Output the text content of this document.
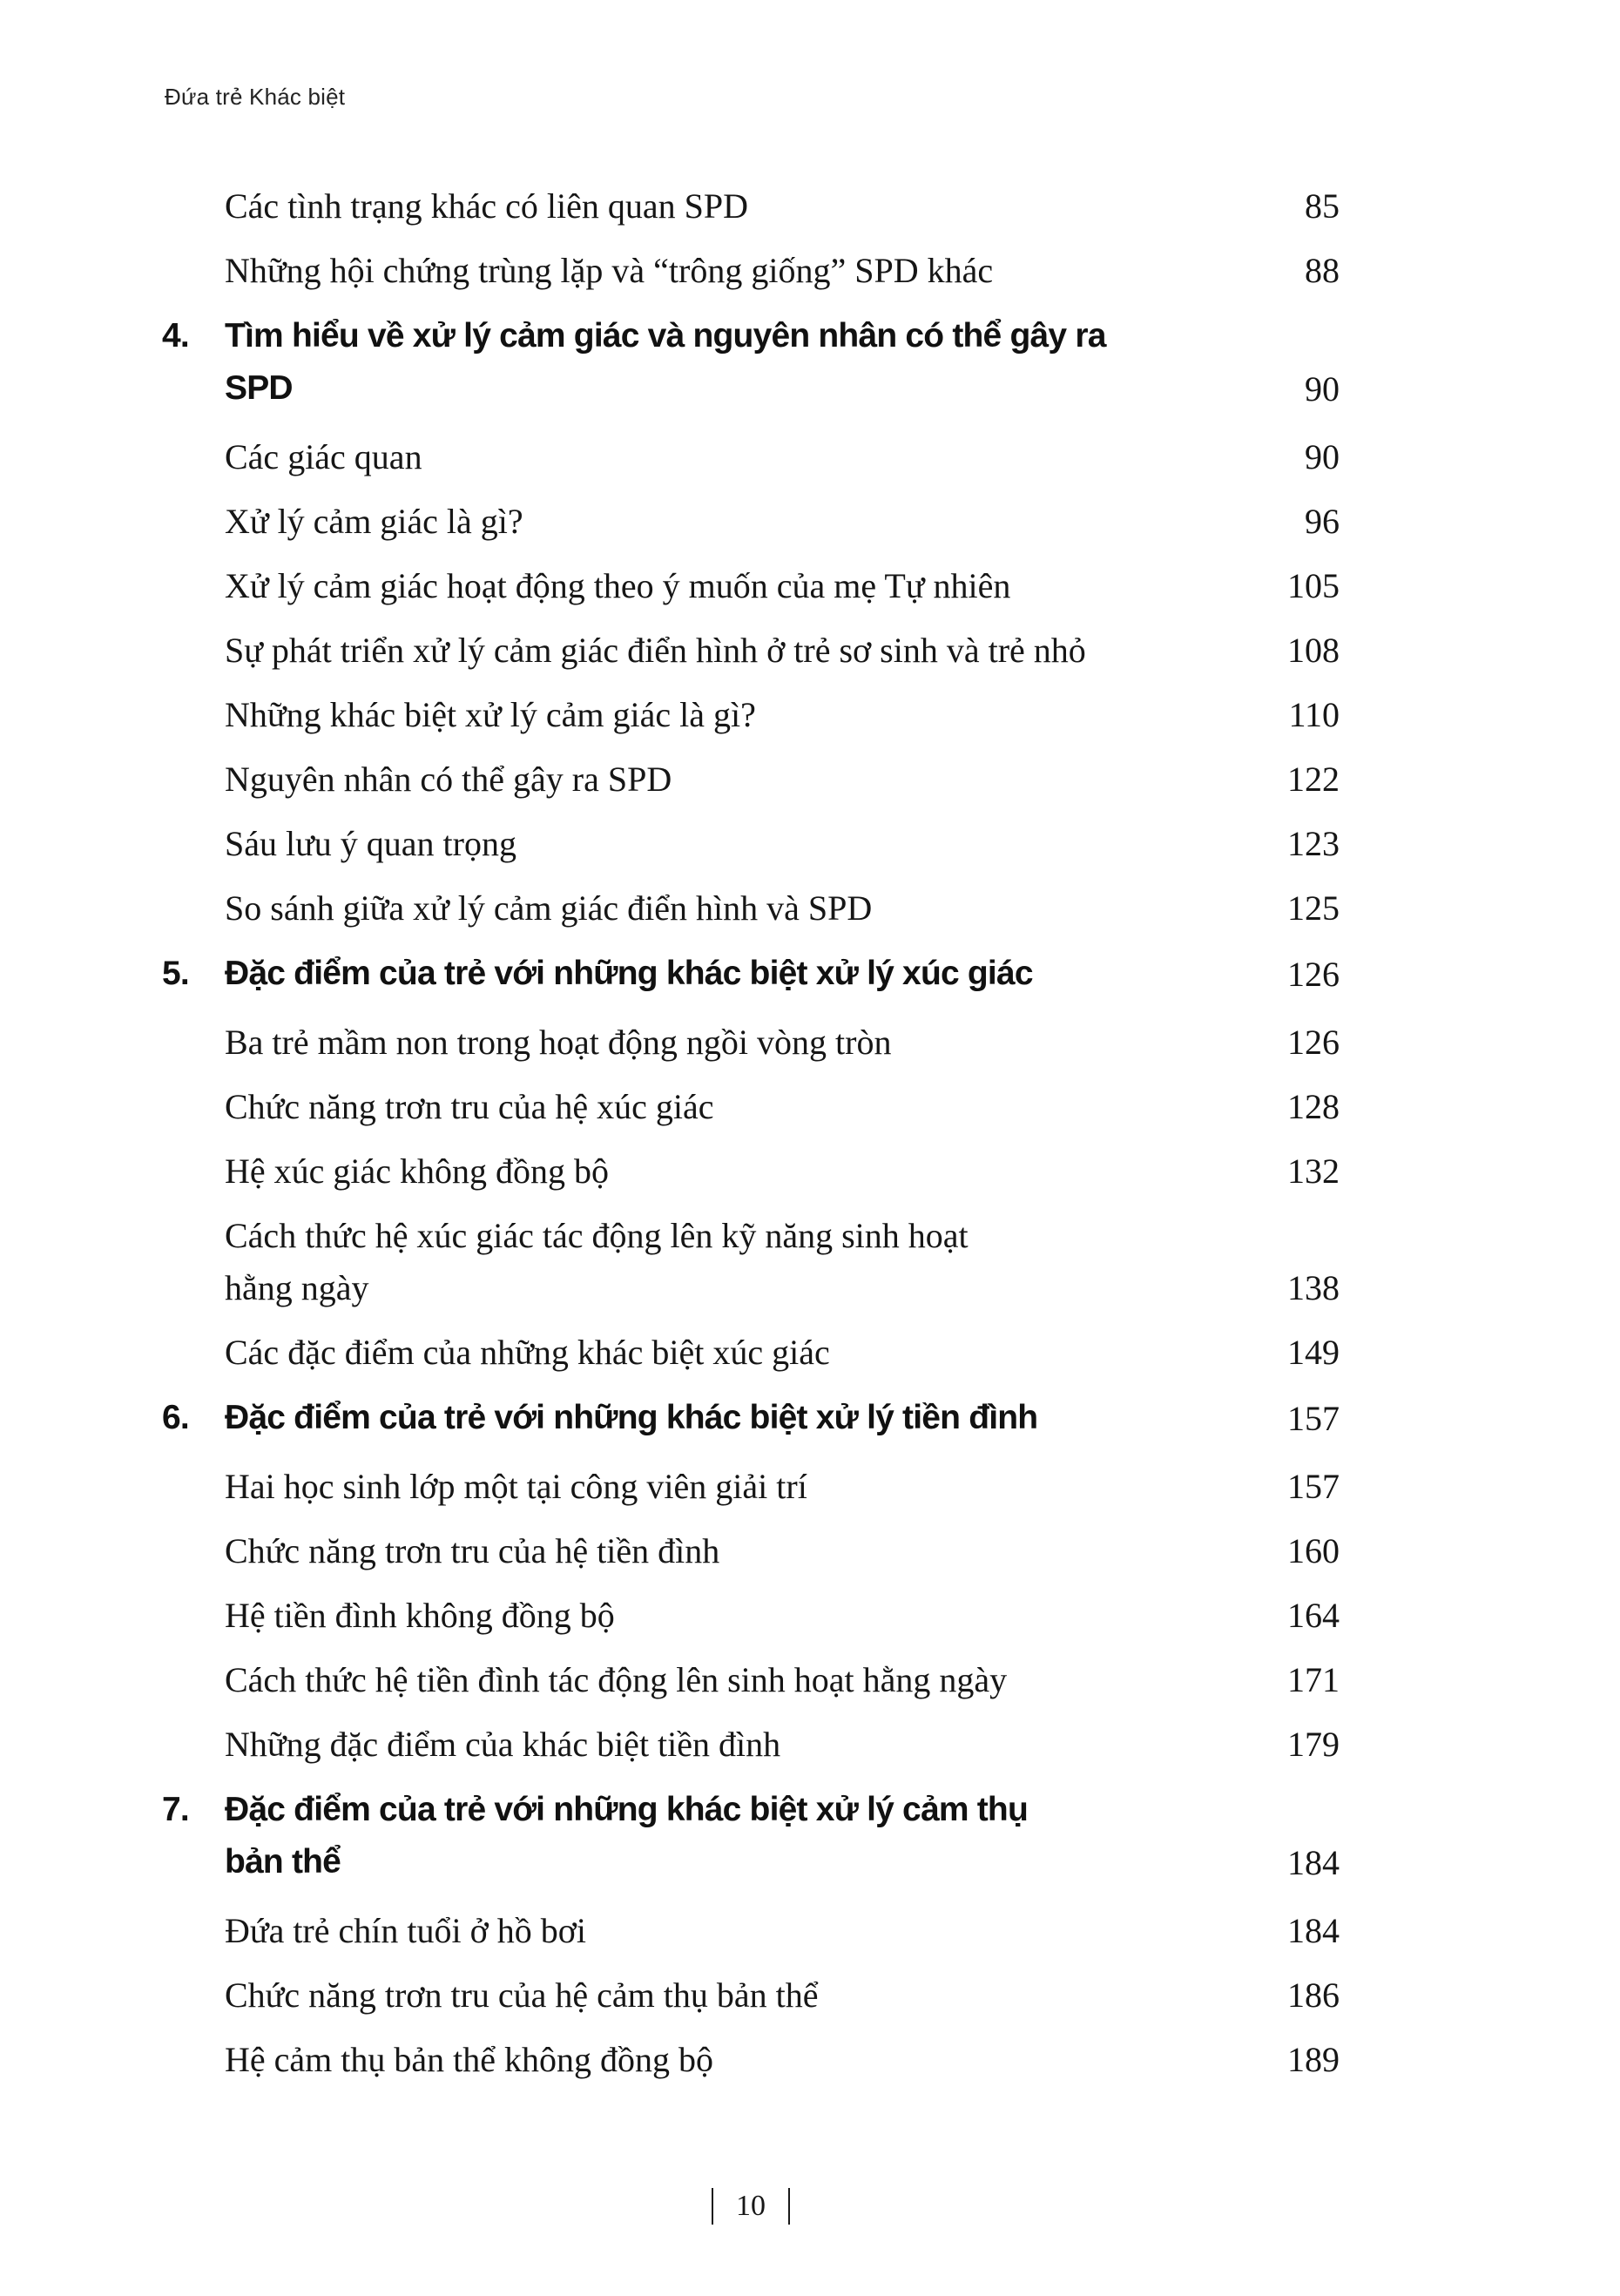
Đứa trẻ Khác biệt
Các tình trạng khác có liên quan SPD	85
Những hội chứng trùng lặp và “trông giống” SPD khác	88
4. Tìm hiểu về xử lý cảm giác và nguyên nhân có thể gây ra
SPD	90
Các giác quan	90
Xử lý cảm giác là gì?	96
Xử lý cảm giác hoạt động theo ý muốn của mẹ Tự nhiên	105
Sự phát triển xử lý cảm giác điển hình ở trẻ sơ sinh và trẻ nhỏ	108
Những khác biệt xử lý cảm giác là gì?	110
Nguyên nhân có thể gây ra SPD	122
Sáu lưu ý quan trọng	123
So sánh giữa xử lý cảm giác điển hình và SPD	125
5. Đặc điểm của trẻ với những khác biệt xử lý xúc giác	126
Ba trẻ mầm non trong hoạt động ngồi vòng tròn	126
Chức năng trơn tru của hệ xúc giác	128
Hệ xúc giác không đồng bộ	132
Cách thức hệ xúc giác tác động lên kỹ năng sinh hoạt
hằng ngày	138
Các đặc điểm của những khác biệt xúc giác	149
6. Đặc điểm của trẻ với những khác biệt xử lý tiền đình	157
Hai học sinh lớp một tại công viên giải trí	157
Chức năng trơn tru của hệ tiền đình	160
Hệ tiền đình không đồng bộ	164
Cách thức hệ tiền đình tác động lên sinh hoạt hằng ngày	171
Những đặc điểm của khác biệt tiền đình	179
7. Đặc điểm của trẻ với những khác biệt xử lý cảm thụ
bản thể	184
Đứa trẻ chín tuổi ở hồ bơi	184
Chức năng trơn tru của hệ cảm thụ bản thể	186
Hệ cảm thụ bản thể không đồng bộ	189
10
